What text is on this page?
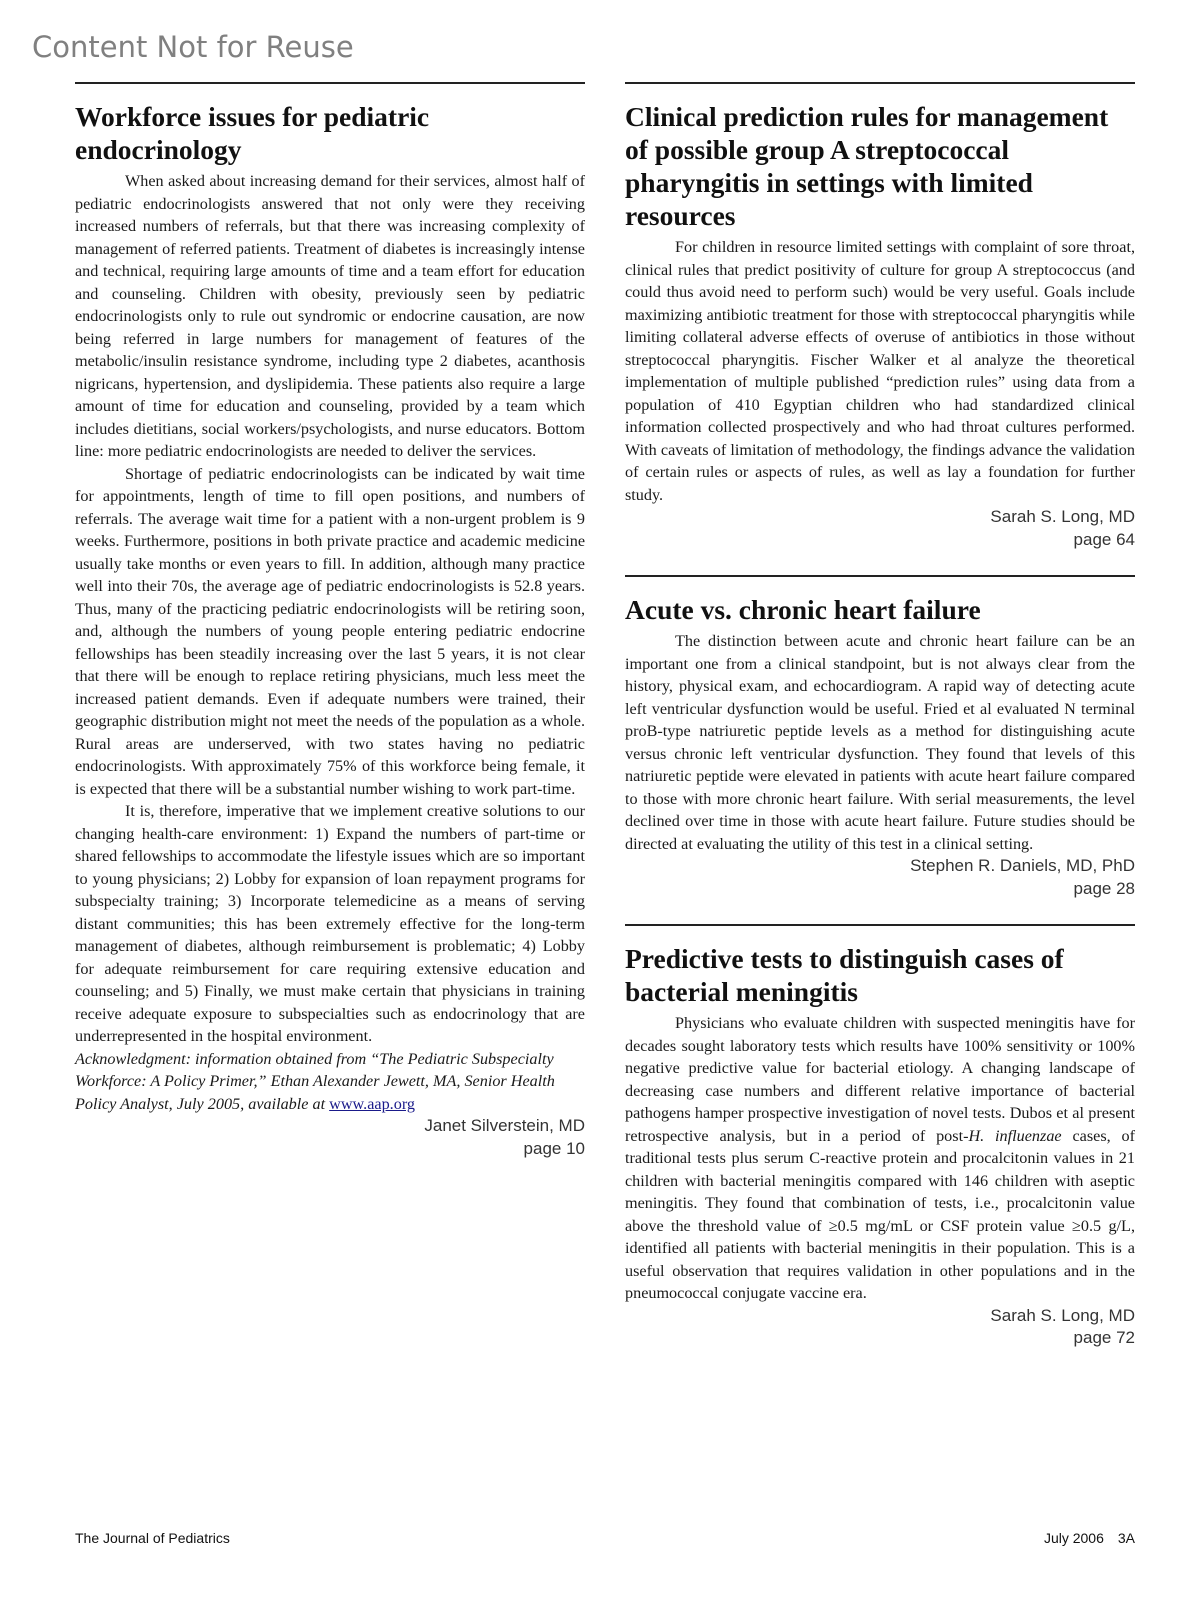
Content Not for Reuse
Workforce issues for pediatric endocrinology

When asked about increasing demand for their services, almost half of pediatric endocrinologists answered that not only were they receiving increased numbers of referrals, but that there was increasing complexity of management of referred patients. Treatment of diabetes is increasingly intense and technical, requiring large amounts of time and a team effort for education and counseling. Children with obesity, previously seen by pediatric endocrinologists only to rule out syndromic or endocrine causation, are now being referred in large numbers for management of features of the metabolic/insulin resistance syndrome, including type 2 diabetes, acanthosis nigricans, hypertension, and dyslipidemia. These patients also require a large amount of time for education and counseling, provided by a team which includes dietitians, social workers/psychologists, and nurse educators. Bottom line: more pediatric endocrinologists are needed to deliver the services.

Shortage of pediatric endocrinologists can be indicated by wait time for appointments, length of time to fill open positions, and numbers of referrals. The average wait time for a patient with a non-urgent problem is 9 weeks. Furthermore, positions in both private practice and academic medicine usually take months or even years to fill. In addition, although many practice well into their 70s, the average age of pediatric endocrinologists is 52.8 years. Thus, many of the practicing pediatric endocrinologists will be retiring soon, and, although the numbers of young people entering pediatric endocrine fellowships has been steadily increasing over the last 5 years, it is not clear that there will be enough to replace retiring physicians, much less meet the increased patient demands. Even if adequate numbers were trained, their geographic distribution might not meet the needs of the population as a whole. Rural areas are underserved, with two states having no pediatric endocrinologists. With approximately 75% of this workforce being female, it is expected that there will be a substantial number wishing to work part-time.

It is, therefore, imperative that we implement creative solutions to our changing health-care environment: 1) Expand the numbers of part-time or shared fellowships to accommodate the lifestyle issues which are so important to young physicians; 2) Lobby for expansion of loan repayment programs for subspecialty training; 3) Incorporate telemedicine as a means of serving distant communities; this has been extremely effective for the long-term management of diabetes, although reimbursement is problematic; 4) Lobby for adequate reimbursement for care requiring extensive education and counseling; and 5) Finally, we must make certain that physicians in training receive adequate exposure to subspecialties such as endocrinology that are underrepresented in the hospital environment.

Acknowledgment: information obtained from “The Pediatric Subspecialty Workforce: A Policy Primer,” Ethan Alexander Jewett, MA, Senior Health Policy Analyst, July 2005, available at www.aap.org

Janet Silverstein, MD

page 10

Clinical prediction rules for management of possible group A streptococcal pharyngitis in settings with limited resources

For children in resource limited settings with complaint of sore throat, clinical rules that predict positivity of culture for group A streptococcus (and could thus avoid need to perform such) would be very useful. Goals include maximizing antibiotic treatment for those with streptococcal pharyngitis while limiting collateral adverse effects of overuse of antibiotics in those without streptococcal pharyngitis. Fischer Walker et al analyze the theoretical implementation of multiple published “prediction rules” using data from a population of 410 Egyptian children who had standardized clinical information collected prospectively and who had throat cultures performed. With caveats of limitation of methodology, the findings advance the validation of certain rules or aspects of rules, as well as lay a foundation for further study.

Sarah S. Long, MD

page 64

Acute vs. chronic heart failure

The distinction between acute and chronic heart failure can be an important one from a clinical standpoint, but is not always clear from the history, physical exam, and echocardiogram. A rapid way of detecting acute left ventricular dysfunction would be useful. Fried et al evaluated N terminal proB-type natriuretic peptide levels as a method for distinguishing acute versus chronic left ventricular dysfunction. They found that levels of this natriuretic peptide were elevated in patients with acute heart failure compared to those with more chronic heart failure. With serial measurements, the level declined over time in those with acute heart failure. Future studies should be directed at evaluating the utility of this test in a clinical setting.

Stephen R. Daniels, MD, PhD

page 28

Predictive tests to distinguish cases of bacterial meningitis

Physicians who evaluate children with suspected meningitis have for decades sought laboratory tests which results have 100% sensitivity or 100% negative predictive value for bacterial etiology. A changing landscape of decreasing case numbers and different relative importance of bacterial pathogens hamper prospective investigation of novel tests. Dubos et al present retrospective analysis, but in a period of post-H. influenzae cases, of traditional tests plus serum C-reactive protein and procalcitonin values in 21 children with bacterial meningitis compared with 146 children with aseptic meningitis. They found that combination of tests, i.e., procalcitonin value above the threshold value of ≥0.5 mg/mL or CSF protein value ≥0.5 g/L, identified all patients with bacterial meningitis in their population. This is a useful observation that requires validation in other populations and in the pneumococcal conjugate vaccine era.

Sarah S. Long, MD

page 72

The Journal of Pediatrics	July 2006 3A
